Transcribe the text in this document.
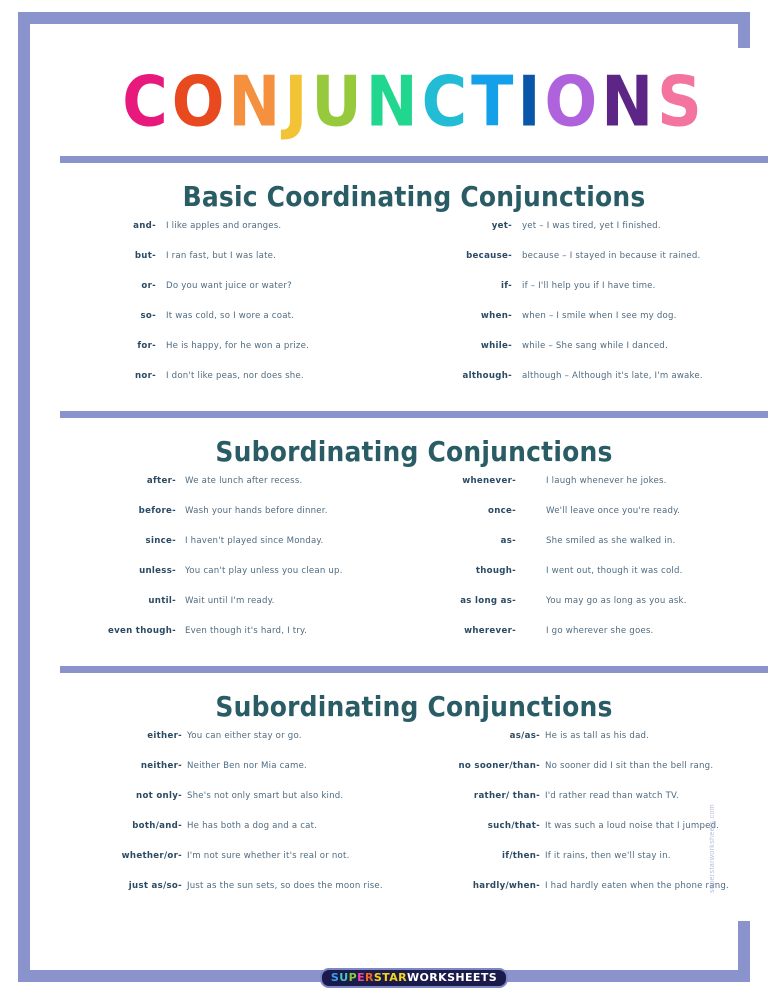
CONJUNCTIONS
Basic Coordinating Conjunctions
and- I like apples and oranges.
but- I ran fast, but I was late.
or- Do you want juice or water?
so- It was cold, so I wore a coat.
for- He is happy, for he won a prize.
nor- I don't like peas, nor does she.
yet- yet – I was tired, yet I finished.
because- because – I stayed in because it rained.
if- if – I'll help you if I have time.
when- when – I smile when I see my dog.
while- while – She sang while I danced.
although- although – Although it's late, I'm awake.
Subordinating Conjunctions
after- We ate lunch after recess.
before- Wash your hands before dinner.
since- I haven't played since Monday.
unless- You can't play unless you clean up.
until- Wait until I'm ready.
even though- Even though it's hard, I try.
whenever-	I laugh whenever he jokes.
once-	We'll leave once you're ready.
as-	She smiled as she walked in.
though-	I went out, though it was cold.
as long as-	You may go as long as you ask.
wherever-	I go wherever she goes.
Subordinating Conjunctions
either- You can either stay or go.
neither- Neither Ben nor Mia came.
not only- She's not only smart but also kind.
both/and- He has both a dog and a cat.
whether/or- I'm not sure whether it's real or not.
just as/so- Just as the sun sets, so does the moon rise.
as/as- He is as tall as his dad.
no sooner/than- No sooner did I sit than the bell rang.
rather/ than- I'd rather read than watch TV.
such/that- It was such a loud noise that I jumped.
if/then- If it rains, then we'll stay in.
hardly/when- I had hardly eaten when the phone rang.
SUPERSTARWORKSHEETS
superstarworksheets.com
